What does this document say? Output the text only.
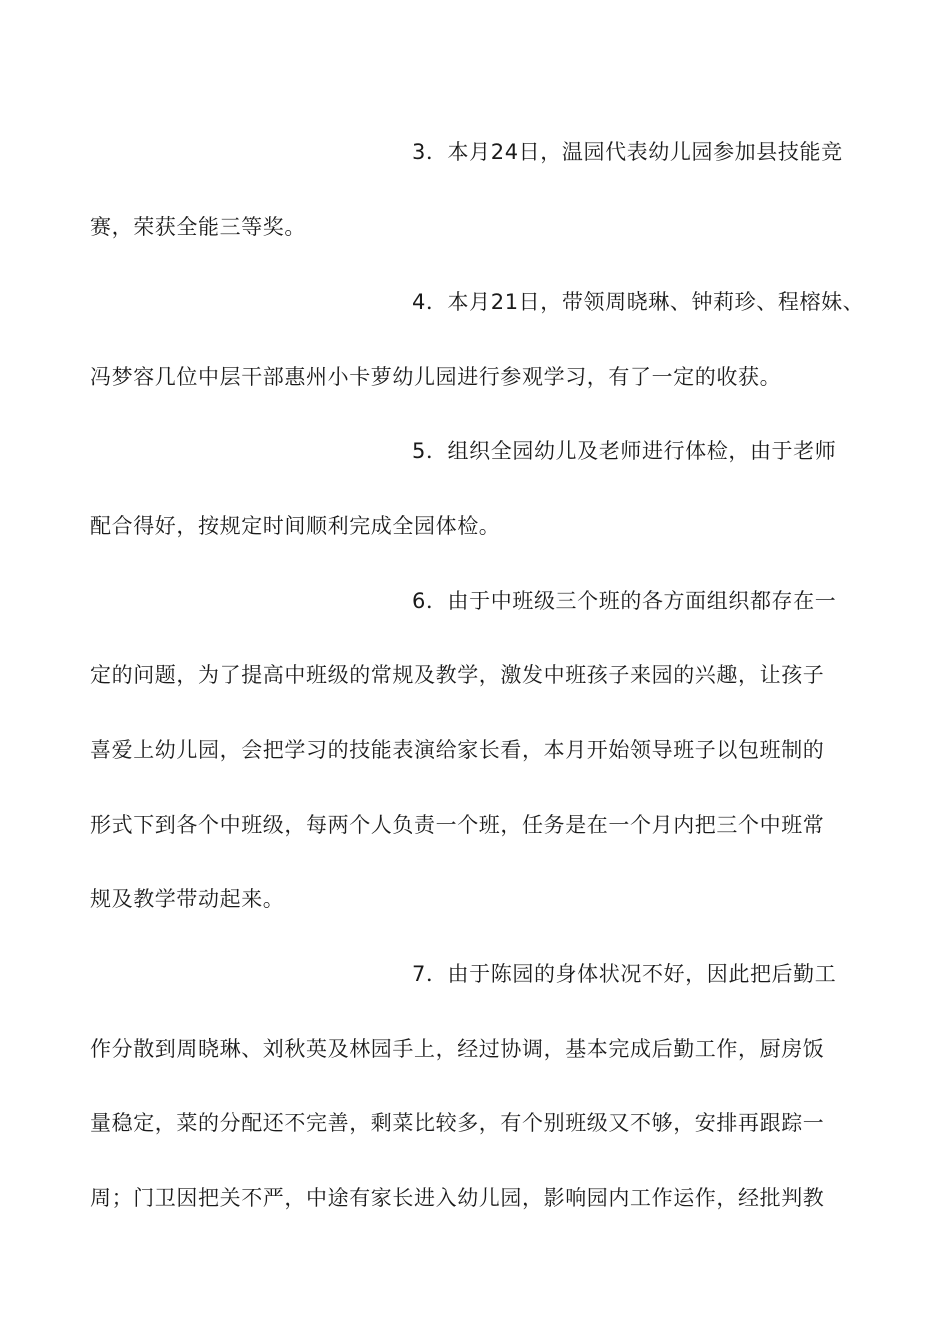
3．本月24日，温园代表幼儿园参加县技能竞
赛，荣获全能三等奖。
4．本月21日，带领周晓琳、钟莉珍、程榕妹、
冯梦容几位中层干部惠州小卡萝幼儿园进行参观学习，有了一定的收获。
5．组织全园幼儿及老师进行体检，由于老师
配合得好，按规定时间顺利完成全园体检。
6．由于中班级三个班的各方面组织都存在一
定的问题，为了提高中班级的常规及教学，激发中班孩子来园的兴趣，让孩子
喜爱上幼儿园，会把学习的技能表演给家长看，本月开始领导班子以包班制的
形式下到各个中班级，每两个人负责一个班，任务是在一个月内把三个中班常
规及教学带动起来。
7．由于陈园的身体状况不好，因此把后勤工
作分散到周晓琳、刘秋英及林园手上，经过协调，基本完成后勤工作，厨房饭
量稳定，菜的分配还不完善，剩菜比较多，有个别班级又不够，安排再跟踪一
周；门卫因把关不严，中途有家长进入幼儿园，影响园内工作运作，经批判教
